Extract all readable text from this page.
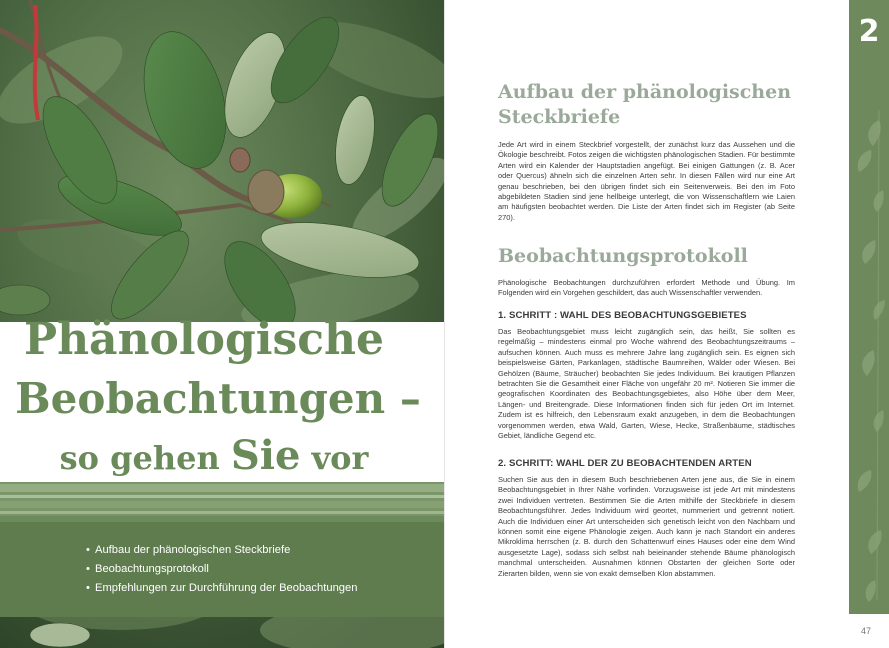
Phänologische
Beobachtungen –
so gehen Sie vor
• Aufbau der phänologischen Steckbriefe
• Beobachtungsprotokoll
• Empfehlungen zur Durchführung der Beobachtungen
Aufbau der phänologischen Steckbriefe
Jede Art wird in einem Steckbrief vorgestellt, der zunächst kurz das Aussehen und die Ökologie beschreibt. Fotos zeigen die wichtigsten phänologischen Stadien. Für bestimmte Arten wird ein Kalender der Hauptstadien angefügt. Bei einigen Gattungen (z. B. Acer oder Quercus) ähneln sich die einzelnen Arten sehr. In diesen Fällen wird nur eine Art genau beschrieben, bei den übrigen findet sich ein Seitenverweis. Bei den im Foto abgebildeten Stadien sind jene hellbeige unterlegt, die von Wissenschaftlern wie Laien am häufigsten beobachtet werden. Die Liste der Arten findet sich im Register (ab Seite 270).
Beobachtungsprotokoll
Phänologische Beobachtungen durchzuführen erfordert Methode und Übung. Im Folgenden wird ein Vorgehen geschildert, das auch Wissenschaftler verwenden.
1. SCHRITT : WAHL DES BEOBACHTUNGSGEBIETES
Das Beobachtungsgebiet muss leicht zugänglich sein, das heißt, Sie sollten es regelmäßig – mindestens einmal pro Woche während des Beobachtungszeitraums – aufsuchen können. Auch muss es mehrere Jahre lang zugänglich sein. Es eignen sich beispielsweise Gärten, Parkanlagen, städtische Baumreihen, Wälder oder Wiesen. Bei Gehölzen (Bäume, Sträucher) beobachten Sie jedes Individuum. Bei krautigen Pflanzen betrachten Sie die Gesamtheit einer Fläche von ungefähr 20 m². Notieren Sie immer die geografischen Koordinaten des Beobachtungsgebietes, also Höhe über dem Meer, Längen- und Breitengrade. Diese Informationen finden sich für jeden Ort im Internet. Zudem ist es hilfreich, den Lebensraum exakt anzugeben, in dem die Beobachtungen vorgenommen werden, etwa Wald, Garten, Wiese, Hecke, Straßenbäume, städtisches Gebiet, ländliche Gegend etc.
2. SCHRITT: WAHL DER ZU BEOBACHTENDEN ARTEN
Suchen Sie aus den in diesem Buch beschriebenen Arten jene aus, die Sie in einem Beobachtungsgebiet in Ihrer Nähe vorfinden. Vorzugsweise ist jede Art mit mindestens zwei Individuen vertreten. Bestimmen Sie die Arten mithilfe der Steckbriefe in diesem Beobachtungsführer. Jedes Individuum wird geortet, nummeriert und getrennt notiert. Auch die Individuen einer Art unterscheiden sich genetisch leicht von den Nachbarn und können somit eine eigene Phänologie zeigen. Auch kann je nach Standort ein anderes Mikroklima herrschen (z. B. durch den Schattenwurf eines Hauses oder eine dem Wind ausgesetzte Lage), sodass sich selbst nah beieinander stehende Bäume phänologisch manchmal unterscheiden. Ausnahmen können Obstarten der gleichen Sorte oder Zierarten bilden, wenn sie von exakt demselben Klon abstammen.
2
47
